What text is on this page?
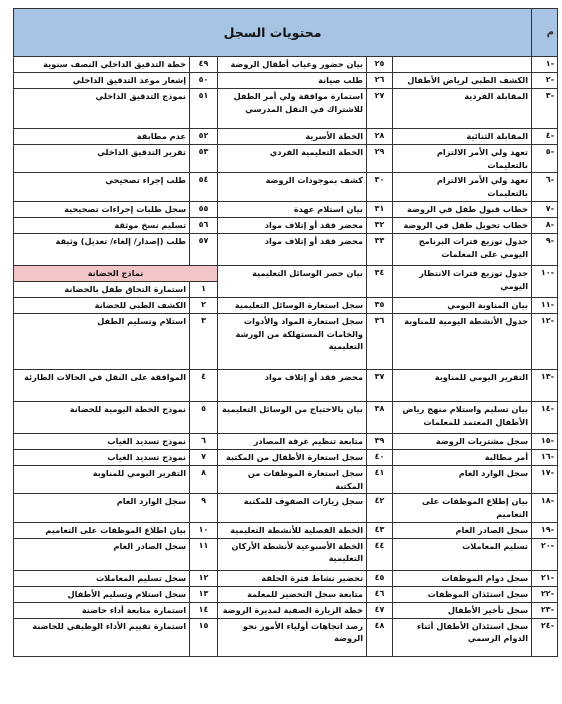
م	محتويات السجل				
-١		٢٥	بيان حضور وغياب أطفال الروضة	٤٩	خطة التدقيق الداخلي النصف سنوية
-٢	الكشف الطبي لرياض الأطفال	٢٦	طلب صيانة	٥٠	إشعار موعد التدقيق الداخلي
-٣	المقابلة الفردية	٢٧	استمارة موافقة ولي أمر الطفل للاشتراك في النقل المدرسي	٥١	نموذج التدقيق الداخلي
-٤	المقابلة الثنائية	٢٨	الخطة الأسرية	٥٢	عدم مطابقة
-٥	تعهد ولي الأمر الالتزام بالتعليمات	٢٩	الخطة التعليمية الفردي	٥٣	تقرير التدقيق الداخلي
-٦	تعهد ولي الأمر الالتزام بالتعليمات	٣٠	كشف بموجودات الروضة	٥٤	طلب إجراء تصحيحي
-٧	خطاب قبول طفل في الروضة	٣١	بيان استلام عهدة	٥٥	سجل طلبات إجراءات تصحيحية
-٨	خطاب تحويل طفل في الروضة	٣٢	محضر فقد أو إتلاف مواد	٥٦	تسليم نسخ موثقة
-٩	جدول توزيع فترات البرنامج اليومي على المعلمات	٣٣	محضر فقد أو إتلاف مواد	٥٧	طلب (إصدار/ إلغاء/ تعديل) وثيقة
-١٠	جدول توزيع فترات الانتظار اليومي	٣٤	بيان حصر الوسائل التعليمية	نماذج الحضانة	
				١	استمارة التحاق طفل بالحضانة
-١١	بيان المناوبة اليومي	٣٥	سجل استعارة الوسائل التعليمية	٢	الكشف الطبي للحضانة
-١٢	جدول الأنشطة اليومية للمناوبة	٣٦	سجل استعارة المواد والأدوات والخامات المستهلكة من الورشة التعليمية	٣	استلام وتسليم الطفل
-١٣	التقرير اليومي للمناوبة	٣٧	محضر فقد أو إتلاف مواد	٤	الموافقة على النقل في الحالات الطارئة
-١٤	بيان تسليم واستلام منهج رياض الأطفال المعتمد للمعلمات	٣٨	بيان بالاحتياج من الوسائل التعليمية	٥	نموذج الخطة اليومية للحضانة
-١٥	سجل مشتريات الروضة	٣٩	متابعة تنظيم غرفة المصادر	٦	نموذج تسديد الغياب
-١٦	أمر مطالبة	٤٠	سجل استعارة الأطفال من المكتبة	٧	نموذج تسديد الغياب
-١٧	سجل الوارد العام	٤١	سجل استعارة الموظفات من المكتبة	٨	التقرير اليومي للمناوبة
-١٨	بيان إطلاع الموظفات على التعاميم	٤٢	سجل زيارات الصفوف للمكتبة	٩	سجل الوارد العام
-١٩	سجل الصادر العام	٤٣	الخطة الفصلية للأنشطة التعليمية	١٠	بيان اطلاع الموظفات على التعاميم
-٢٠	تسليم المعاملات	٤٤	الخطة الأسبوعية لأنشطة الأركان التعليمية	١١	سجل الصادر العام
-٢١	سجل دوام الموظفات	٤٥	تحضير نشاط فترة الحلقة	١٢	سجل تسليم المعاملات
-٢٢	سجل استئذان الموظفات	٤٦	متابعة سجل التحضير للمعلمة	١٣	سجل استلام وتسليم الأطفال
-٢٣	سجل تأخير الأطفال	٤٧	خطة الزيارة الصفية لمديرة الروضة	١٤	استمارة متابعة أداء حاضنة
-٢٤	سجل استئذان الأطفال أثناء الدوام الرسمي	٤٨	رصد اتجاهات أولياء الأمور نحو الروضة	١٥	استمارة تقييم الأداء الوظيفي للحاضنة
